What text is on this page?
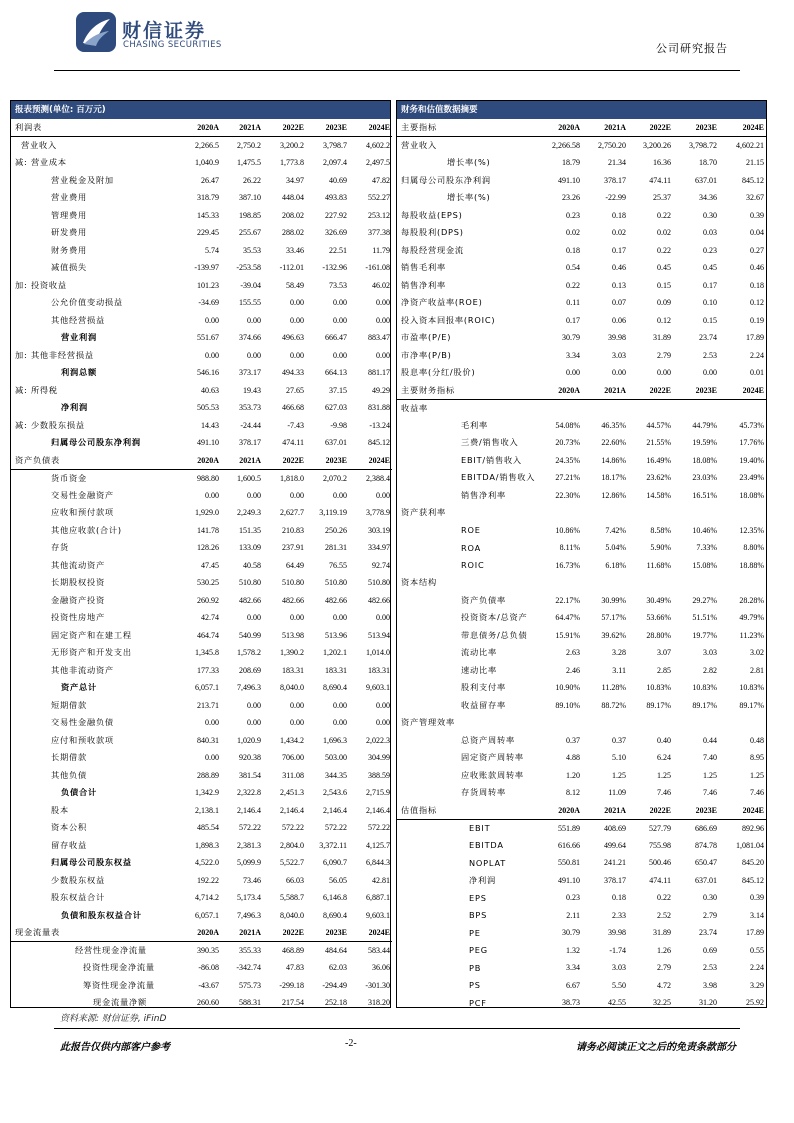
财信证券
CHASING SECURITIES	公司研究报告
报表预测(单位: 百万元)
利润表	2020A	2021A	2022E	2023E	2024E
营业收入	2,266.5	2,750.2	3,200.2	3,798.7	4,602.2
减: 营业成本	1,040.9	1,475.5	1,773.8	2,097.4	2,497.5
营业税金及附加	26.47	26.22	34.97	40.69	47.82
营业费用	318.79	387.10	448.04	493.83	552.27
管理费用	145.33	198.85	208.02	227.92	253.12
研发费用	229.45	255.67	288.02	326.69	377.38
财务费用	5.74	35.53	33.46	22.51	11.79
减值损失	-139.97	-253.58	-112.01	-132.96	-161.08
加: 投资收益	101.23	-39.04	58.49	73.53	46.02
公允价值变动损益	-34.69	155.55	0.00	0.00	0.00
其他经营损益	0.00	0.00	0.00	0.00	0.00
营业利润	551.67	374.66	496.63	666.47	883.47
加: 其他非经营损益	0.00	0.00	0.00	0.00	0.00
利润总额	546.16	373.17	494.33	664.13	881.17
减: 所得税	40.63	19.43	27.65	37.15	49.29
净利润	505.53	353.73	466.68	627.03	831.88
减: 少数股东损益	14.43	-24.44	-7.43	-9.98	-13.24
归属母公司股东净利润	491.10	378.17	474.11	637.01	845.12
资产负债表	2020A	2021A	2022E	2023E	2024E
货币资金	988.80	1,600.5	1,818.0	2,070.2	2,388.4
交易性金融资产	0.00	0.00	0.00	0.00	0.00
应收和预付款项	1,929.0	2,249.3	2,627.7	3,119.19	3,778.9
其他应收款(合计)	141.78	151.35	210.83	250.26	303.19
存货	128.26	133.09	237.91	281.31	334.97
其他流动资产	47.45	40.58	64.49	76.55	92.74
长期股权投资	530.25	510.80	510.80	510.80	510.80
金融资产投资	260.92	482.66	482.66	482.66	482.66
投资性房地产	42.74	0.00	0.00	0.00	0.00
固定资产和在建工程	464.74	540.99	513.98	513.96	513.94
无形资产和开发支出	1,345.8	1,578.2	1,390.2	1,202.1	1,014.0
其他非流动资产	177.33	208.69	183.31	183.31	183.31
资产总计	6,057.1	7,496.3	8,040.0	8,690.4	9,603.1
短期借款	213.71	0.00	0.00	0.00	0.00
交易性金融负债	0.00	0.00	0.00	0.00	0.00
应付和预收款项	840.31	1,020.9	1,434.2	1,696.3	2,022.3
长期借款	0.00	920.38	706.00	503.00	304.99
其他负债	288.89	381.54	311.08	344.35	388.59
负债合计	1,342.9	2,322.8	2,451.3	2,543.6	2,715.9
股本	2,138.1	2,146.4	2,146.4	2,146.4	2,146.4
资本公积	485.54	572.22	572.22	572.22	572.22
留存收益	1,898.3	2,381.3	2,804.0	3,372.11	4,125.7
归属母公司股东权益	4,522.0	5,099.9	5,522.7	6,090.7	6,844.3
少数股东权益	192.22	73.46	66.03	56.05	42.81
股东权益合计	4,714.2	5,173.4	5,588.7	6,146.8	6,887.1
负债和股东权益合计	6,057.1	7,496.3	8,040.0	8,690.4	9,603.1
现金流量表	2020A	2021A	2022E	2023E	2024E
经营性现金净流量	390.35	355.33	468.89	484.64	583.44
投资性现金净流量	-86.08	-342.74	47.83	62.03	36.06
筹资性现金净流量	-43.67	575.73	-299.18	-294.49	-301.30
现金流量净额	260.60	588.31	217.54	252.18	318.20
财务和估值数据摘要
主要指标	2020A	2021A	2022E	2023E	2024E
营业收入	2,266.58	2,750.20	3,200.26	3,798.72	4,602.21
增长率(%)	18.79	21.34	16.36	18.70	21.15
归属母公司股东净利润	491.10	378.17	474.11	637.01	845.12
增长率(%)	23.26	-22.99	25.37	34.36	32.67
每股收益(EPS)	0.23	0.18	0.22	0.30	0.39
每股股利(DPS)	0.02	0.02	0.02	0.03	0.04
每股经营现金流	0.18	0.17	0.22	0.23	0.27
销售毛利率	0.54	0.46	0.45	0.45	0.46
销售净利率	0.22	0.13	0.15	0.17	0.18
净资产收益率(ROE)	0.11	0.07	0.09	0.10	0.12
投入资本回报率(ROIC)	0.17	0.06	0.12	0.15	0.19
市盈率(P/E)	30.79	39.98	31.89	23.74	17.89
市净率(P/B)	3.34	3.03	2.79	2.53	2.24
股息率(分红/股价)	0.00	0.00	0.00	0.00	0.01
主要财务指标	2020A	2021A	2022E	2023E	2024E
收益率					
毛利率	54.08%	46.35%	44.57%	44.79%	45.73%
三费/销售收入	20.73%	22.60%	21.55%	19.59%	17.76%
EBIT/销售收入	24.35%	14.86%	16.49%	18.08%	19.40%
EBITDA/销售收入	27.21%	18.17%	23.62%	23.03%	23.49%
销售净利率	22.30%	12.86%	14.58%	16.51%	18.08%
资产获利率					
ROE	10.86%	7.42%	8.58%	10.46%	12.35%
ROA	8.11%	5.04%	5.90%	7.33%	8.80%
ROIC	16.73%	6.18%	11.68%	15.08%	18.88%
资本结构					
资产负债率	22.17%	30.99%	30.49%	29.27%	28.28%
投资资本/总资产	64.47%	57.17%	53.66%	51.51%	49.79%
带息债务/总负债	15.91%	39.62%	28.80%	19.77%	11.23%
流动比率	2.63	3.28	3.07	3.03	3.02
速动比率	2.46	3.11	2.85	2.82	2.81
股利支付率	10.90%	11.28%	10.83%	10.83%	10.83%
收益留存率	89.10%	88.72%	89.17%	89.17%	89.17%
资产管理效率					
总资产周转率	0.37	0.37	0.40	0.44	0.48
固定资产周转率	4.88	5.10	6.24	7.40	8.95
应收账款周转率	1.20	1.25	1.25	1.25	1.25
存货周转率	8.12	11.09	7.46	7.46	7.46
估值指标	2020A	2021A	2022E	2023E	2024E
EBIT	551.89	408.69	527.79	686.69	892.96
EBITDA	616.66	499.64	755.98	874.78	1,081.04
NOPLAT	550.81	241.21	500.46	650.47	845.20
净利润	491.10	378.17	474.11	637.01	845.12
EPS	0.23	0.18	0.22	0.30	0.39
BPS	2.11	2.33	2.52	2.79	3.14
PE	30.79	39.98	31.89	23.74	17.89
PEG	1.32	-1.74	1.26	0.69	0.55
PB	3.34	3.03	2.79	2.53	2.24
PS	6.67	5.50	4.72	3.98	3.29
PCF	38.73	42.55	32.25	31.20	25.92
资料来源: 财信证券, iFinD
此报告仅供内部客户参考	-2-	请务必阅读正文之后的免责条款部分
